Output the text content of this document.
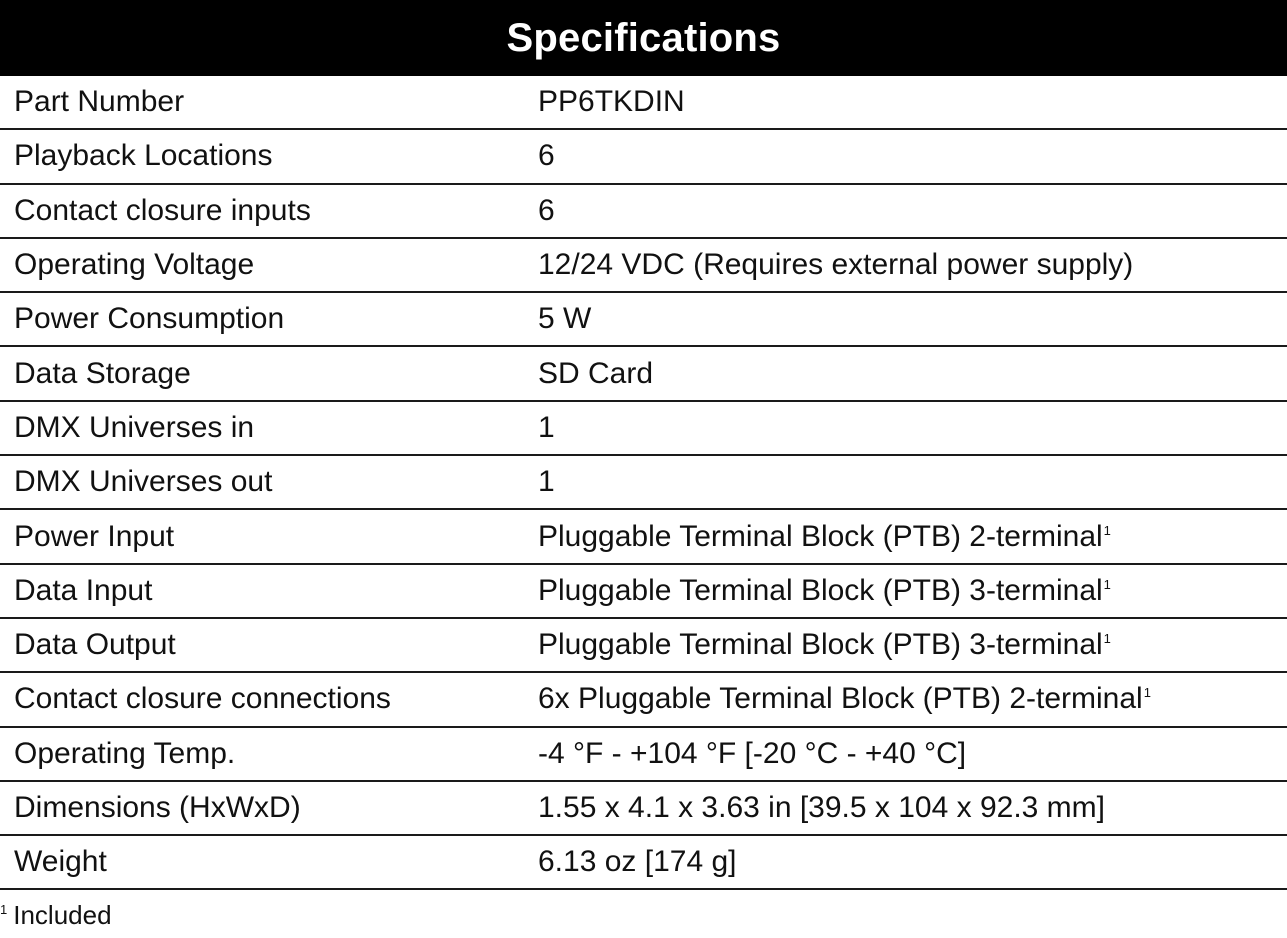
Specifications
Part Number	PP6TKDIN
Playback Locations	6
Contact closure inputs	6
Operating Voltage	12/24 VDC (Requires external power supply)
Power Consumption	5 W
Data Storage	SD Card
DMX Universes in	1
DMX Universes out	1
Power Input	Pluggable Terminal Block (PTB) 2-terminal$^1$
Data Input	Pluggable Terminal Block (PTB) 3-terminal$^1$
Data Output	Pluggable Terminal Block (PTB) 3-terminal$^1$
Contact closure connections	6x Pluggable Terminal Block (PTB) 2-terminal$^1$
Operating Temp.	-4 °F - +104 °F [-20 °C - +40 °C]
Dimensions (HxWxD)	1.55 x 4.1 x 3.63 in [39.5 x 104 x 92.3 mm]
Weight	6.13 oz [174 g]
$^1$ Included
